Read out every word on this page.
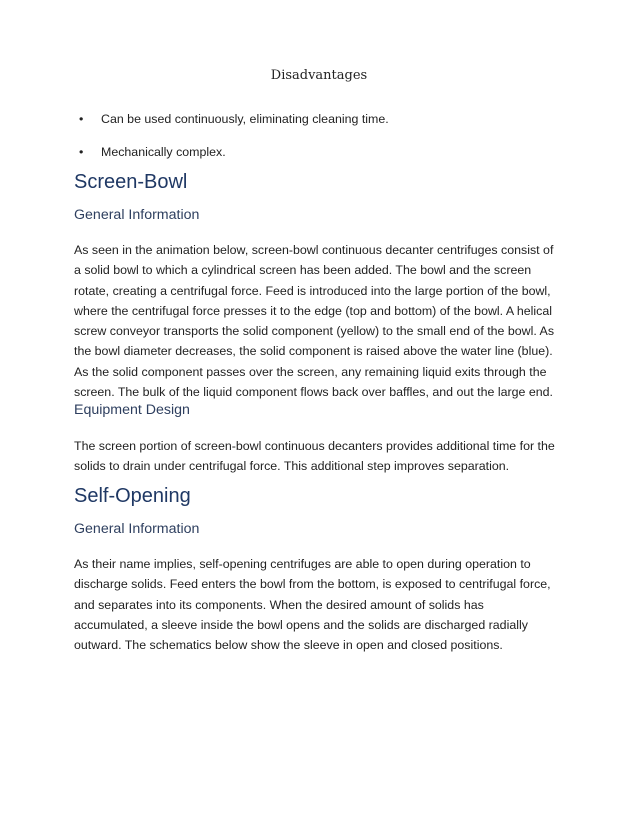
Disadvantages
• Can be used continuously, eliminating cleaning time.
• Mechanically complex.
Screen-Bowl
General Information
As seen in the animation below, screen-bowl continuous decanter centrifuges consist of
a solid bowl to which a cylindrical screen has been added. The bowl and the screen
rotate, creating a centrifugal force. Feed is introduced into the large portion of the bowl,
where the centrifugal force presses it to the edge (top and bottom) of the bowl. A helical
screw conveyor transports the solid component (yellow) to the small end of the bowl. As
the bowl diameter decreases, the solid component is raised above the water line (blue).
As the solid component passes over the screen, any remaining liquid exits through the
screen. The bulk of the liquid component flows back over baffles, and out the large end.
Equipment Design
The screen portion of screen-bowl continuous decanters provides additional time for the
solids to drain under centrifugal force. This additional step improves separation.
Self-Opening
General Information
As their name implies, self-opening centrifuges are able to open during operation to
discharge solids. Feed enters the bowl from the bottom, is exposed to centrifugal force,
and separates into its components. When the desired amount of solids has
accumulated, a sleeve inside the bowl opens and the solids are discharged radially
outward. The schematics below show the sleeve in open and closed positions.
